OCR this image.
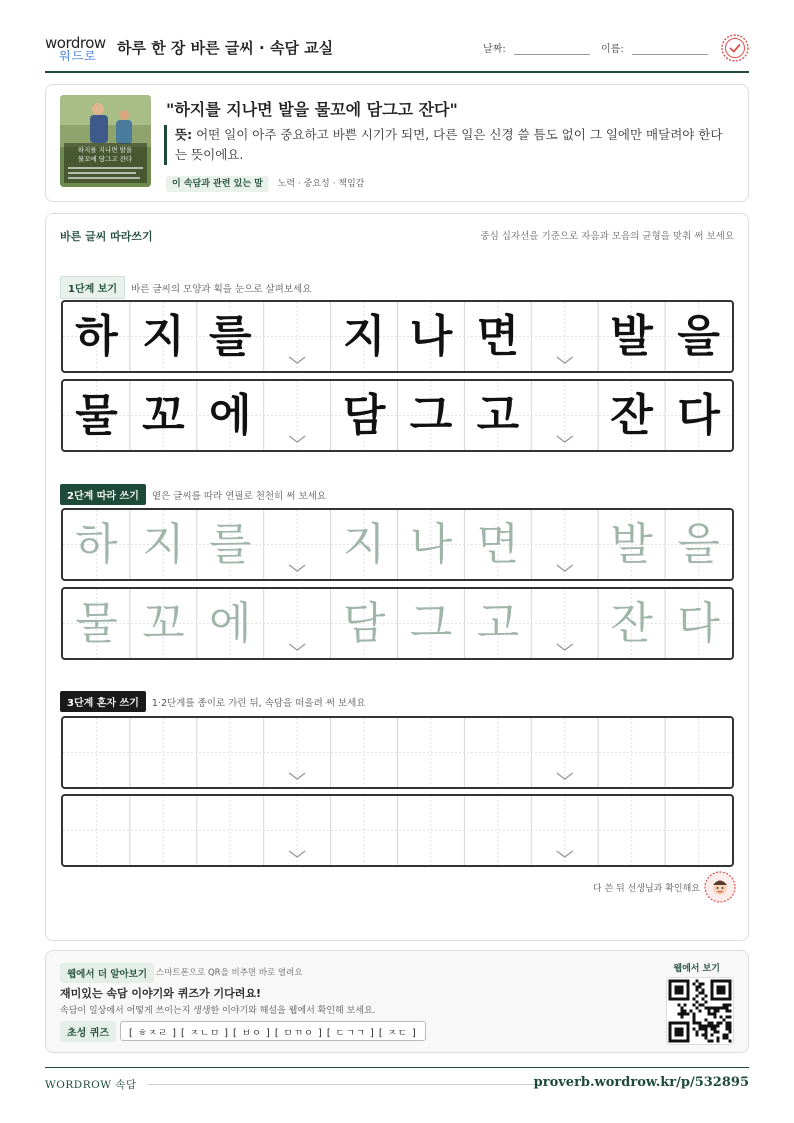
wordrow
워드로 하루 한 장 바른 글씨 · 속담 교실	날짜:	이름:
하지를 지나면 발을
물꼬에 담그고 잔다
"하지를 지나면 발을 물꼬에 담그고 잔다"
뜻: 어떤 일이 아주 중요하고 바쁜 시기가 되면, 다른 일은 신경 쓸 틈도 없이 그 일에만 매달려야 한다는 뜻이에요.
이 속담과 관련 있는 말 노력 · 중요성 · 책임감
바른 글씨 따라쓰기	중심 십자선을 기준으로 자음과 모음의 균형을 맞춰 써 보세요
1단계 보기 바른 글씨의 모양과 획을 눈으로 살펴보세요
하 지 를 지 나 면 발 을
물 꼬 에 담 그 고 잔 다
2단계 따라 쓰기 옅은 글씨를 따라 연필로 천천히 써 보세요
하 지 를 지 나 면 발 을
물 꼬 에 담 그 고 잔 다
3단계 혼자 쓰기 1·2단계를 종이로 가린 뒤, 속담을 떠올려 써 보세요
다 쓴 뒤 선생님과 확인해요
웹에서 더 알아보기	스마트폰으로 QR을 비추면 바로 열려요
재미있는 속담 이야기와 퀴즈가 기다려요!
속담이 일상에서 어떻게 쓰이는지 생생한 이야기와 해설을 웹에서 확인해 보세요.
초성 퀴즈	[ ㅎㅈㄹ ] [ ㅈㄴㅁ ] [ ㅂㅇ ] [ ㅁㄲㅇ ] [ ㄷㄱㄱ ] [ ㅈㄷ ]
웹에서 보기
WORDROW 속담	proverb.wordrow.kr/p/532895
